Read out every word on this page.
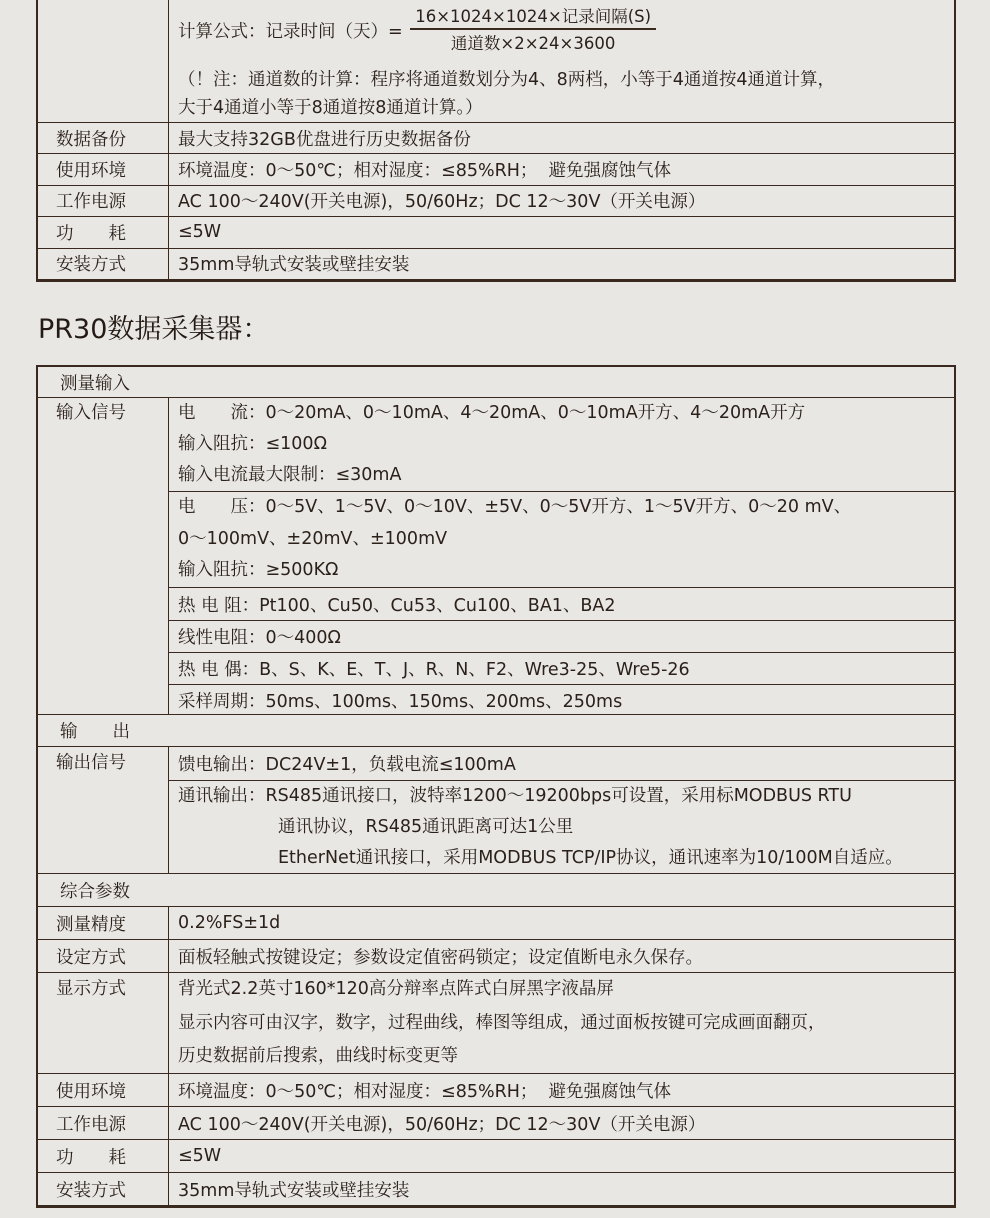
计算公式：记录时间（天）= $\frac{\text{16×1024×1024×记录间隔(S)}}{\text{通道数×2×24×3600}}$
（！注：通道数的计算：程序将通道数划分为4、8两档，小等于4通道按4通道计算，
大于4通道小等于8通道按8通道计算。）
数据备份	最大支持32GB优盘进行历史数据备份
使用环境	环境温度：0～50℃；相对湿度：≤85%RH；  避免强腐蚀气体
工作电源	AC 100～240V(开关电源)，50/60Hz；DC 12～30V（开关电源）
功　　耗	≤5W
安装方式	35mm导轨式安装或壁挂安装
PR30数据采集器：
测量输入
输入信号	电　　流：0～20mA、0～10mA、4～20mA、0～10mA开方、4～20mA开方
输入阻抗：≤100Ω
输入电流最大限制：≤30mA
电　　压：0～5V、1～5V、0～10V、±5V、0～5V开方、1～5V开方、0～20 mV、
0～100mV、±20mV、±100mV
输入阻抗：≥500KΩ
热 电 阻：Pt100、Cu50、Cu53、Cu100、BA1、BA2
线性电阻：0～400Ω
热 电 偶：B、S、K、E、T、J、R、N、F2、Wre3-25、Wre5-26
采样周期：50ms、100ms、150ms、200ms、250ms
输　　出
输出信号	馈电输出：DC24V±1，负载电流≤100mA
通讯输出：RS485通讯接口，波特率1200～19200bps可设置，采用标MODBUS RTU
通讯协议，RS485通讯距离可达1公里
EtherNet通讯接口，采用MODBUS TCP/IP协议，通讯速率为10/100M自适应。
综合参数
测量精度	0.2%FS±1d
设定方式	面板轻触式按键设定；参数设定值密码锁定；设定值断电永久保存。
显示方式	背光式2.2英寸160*120高分辩率点阵式白屏黑字液晶屏
显示内容可由汉字，数字，过程曲线，棒图等组成，通过面板按键可完成画面翻页，
历史数据前后搜索，曲线时标变更等
使用环境	环境温度：0～50℃；相对湿度：≤85%RH；  避免强腐蚀气体
工作电源	AC 100～240V(开关电源)，50/60Hz；DC 12～30V（开关电源）
功　　耗	≤5W
安装方式	35mm导轨式安装或壁挂安装
